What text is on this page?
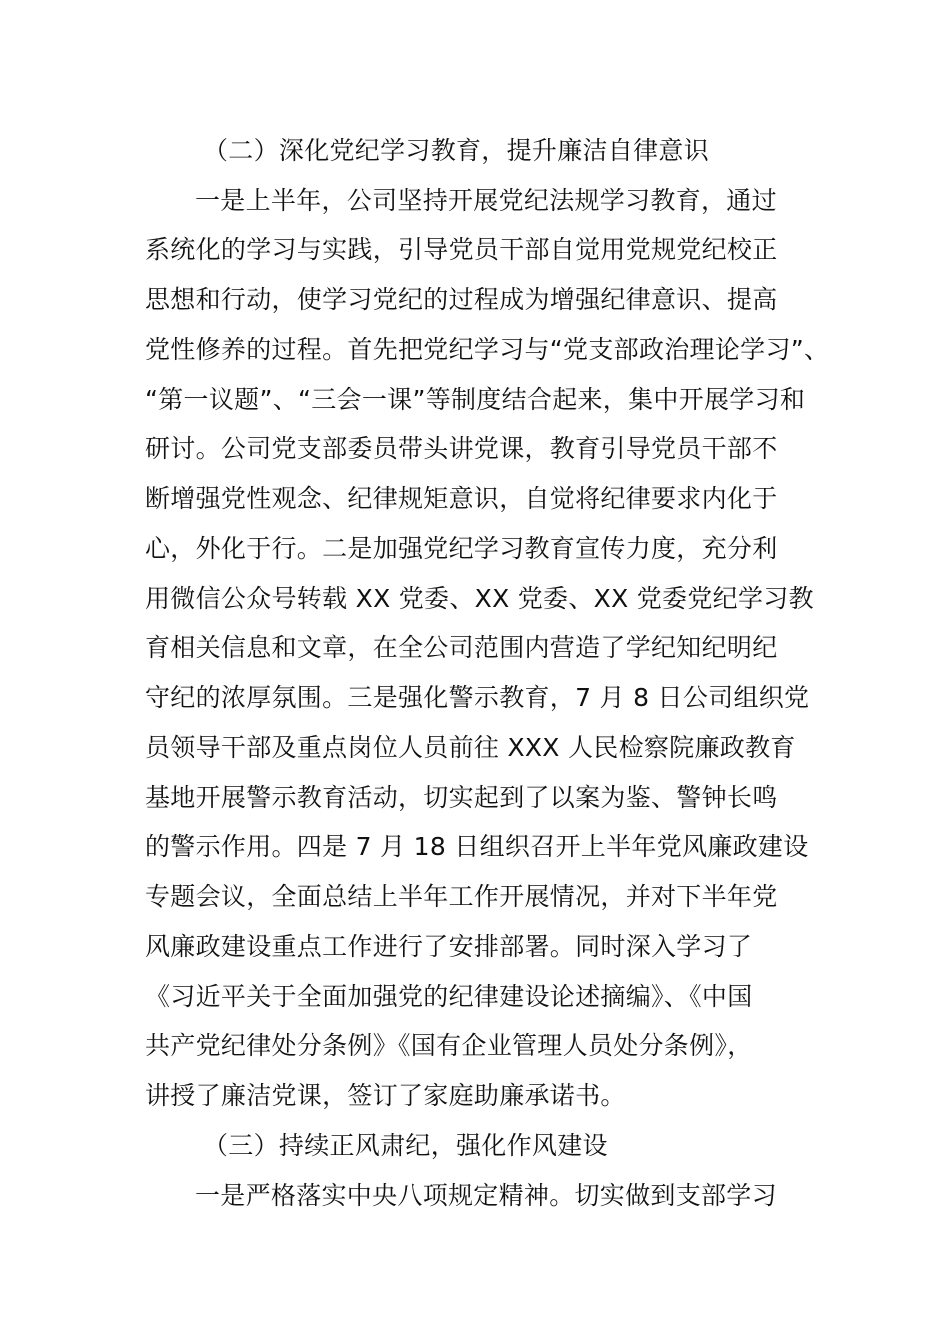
（二）深化党纪学习教育，提升廉洁自律意识
一是上半年，公司坚持开展党纪法规学习教育，通过
系统化的学习与实践，引导党员干部自觉用党规党纪校正
思想和行动，使学习党纪的过程成为增强纪律意识、提高
党性修养的过程。首先把党纪学习与“党支部政治理论学习”、
“第一议题”、“三会一课”等制度结合起来，集中开展学习和
研讨。公司党支部委员带头讲党课，教育引导党员干部不
断增强党性观念、纪律规矩意识，自觉将纪律要求内化于
心，外化于行。二是加强党纪学习教育宣传力度，充分利
用微信公众号转载 XX 党委、XX 党委、XX 党委党纪学习教
育相关信息和文章，在全公司范围内营造了学纪知纪明纪
守纪的浓厚氛围。三是强化警示教育，7 月 8 日公司组织党
员领导干部及重点岗位人员前往 XXX 人民检察院廉政教育
基地开展警示教育活动，切实起到了以案为鉴、警钟长鸣
的警示作用。四是 7 月 18 日组织召开上半年党风廉政建设
专题会议，全面总结上半年工作开展情况，并对下半年党
风廉政建设重点工作进行了安排部署。同时深入学习了
《习近平关于全面加强党的纪律建设论述摘编》、《中国
共产党纪律处分条例》《国有企业管理人员处分条例》，
讲授了廉洁党课，签订了家庭助廉承诺书。
（三）持续正风肃纪，强化作风建设
一是严格落实中央八项规定精神。切实做到支部学习
